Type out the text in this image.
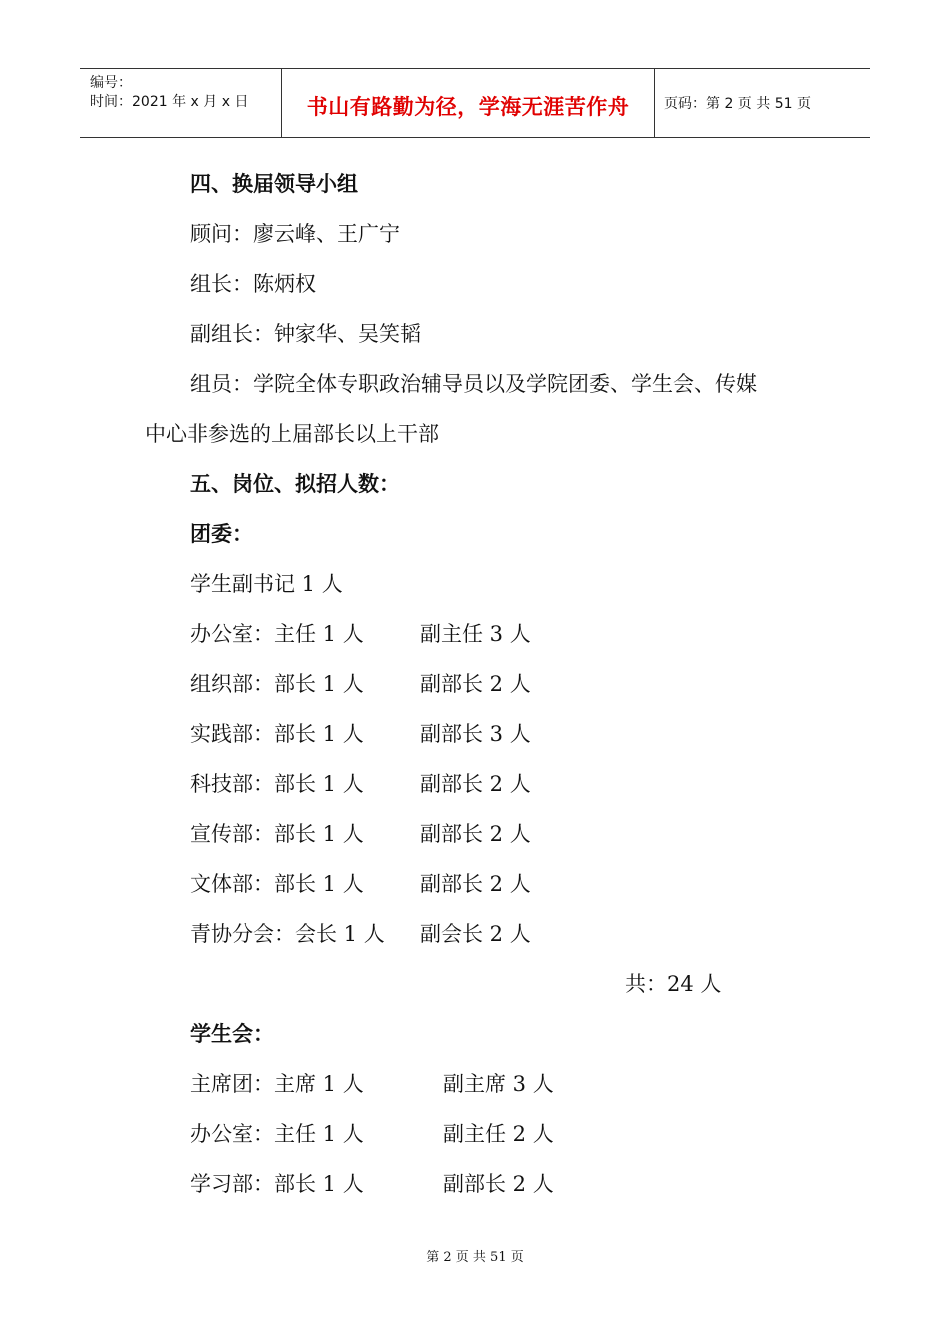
编号：
时间：2021 年 x 月 x 日	书山有路勤为径，学海无涯苦作舟	页码：第 2 页 共 51 页
四、换届领导小组
顾问：廖云峰、王广宁
组长：陈炳权
副组长：钟家华、吴笑韬
组员：学院全体专职政治辅导员以及学院团委、学生会、传媒
中心非参选的上届部长以上干部
五、岗位、拟招人数：
团委：
学生副书记 1 人
办公室：主任 1 人	副主任 3 人
组织部：部长 1 人	副部长 2 人
实践部：部长 1 人	副部长 3 人
科技部：部长 1 人	副部长 2 人
宣传部：部长 1 人	副部长 2 人
文体部：部长 1 人	副部长 2 人
青协分会：会长 1 人 副会长 2 人
共：24 人
学生会：
主席团：主席 1 人	副主席 3 人
办公室：主任 1 人	副主任 2 人
学习部：部长 1 人	副部长 2 人
第 2 页 共 51 页
